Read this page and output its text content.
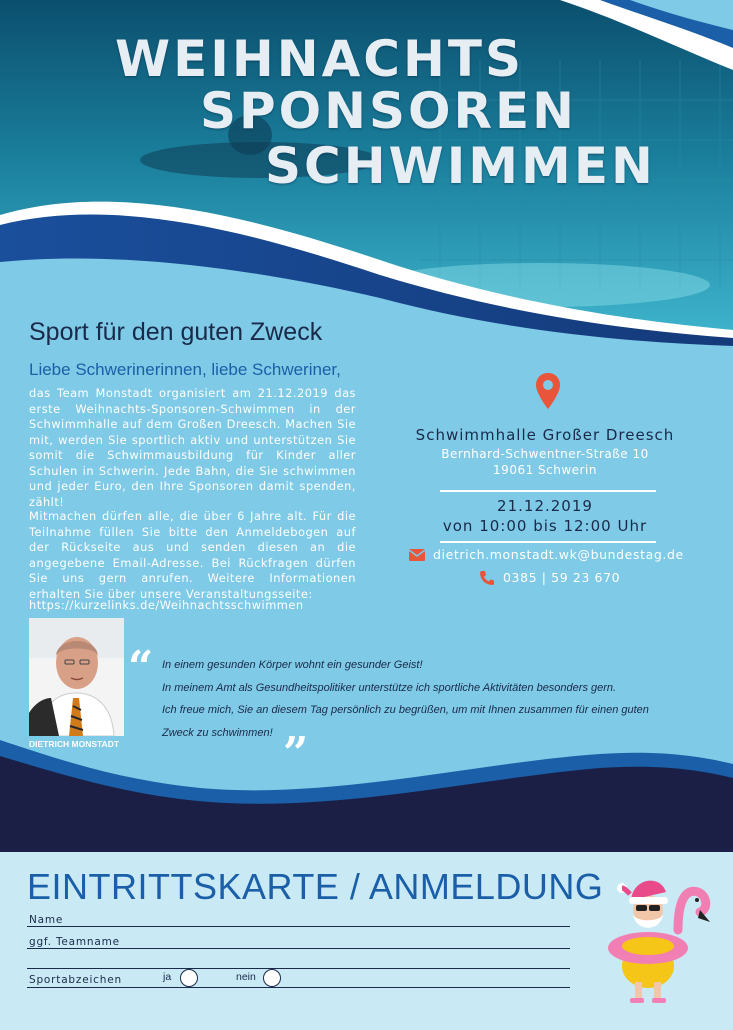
WEIHNACHTS
SPONSOREN
SCHWIMMEN
Sport für den guten Zweck
Liebe Schwerinerinnen, liebe Schweriner,
das Team Monstadt organisiert am 21.12.2019 das erste Weihnachts-Sponsoren-Schwimmen in der Schwimmhalle auf dem Großen Dreesch. Machen Sie mit, werden Sie sportlich aktiv und unterstützen Sie somit die Schwimmausbildung für Kinder aller Schulen in Schwerin. Jede Bahn, die Sie schwimmen und jeder Euro, den Ihre Sponsoren damit spenden, zählt!
Mitmachen dürfen alle, die über 6 Jahre alt. Für die Teilnahme füllen Sie bitte den Anmeldebogen auf der Rückseite aus und senden diesen an die angegebene Email-Adresse. Bei Rückfragen dürfen Sie uns gern anrufen. Weitere Informationen erhalten Sie über unsere Veranstaltungsseite:
https://kurzelinks.de/Weihnachtsschwimmen
Schwimmhalle Großer Dreesch
Bernhard-Schwentner-Straße 10
19061 Schwerin
21.12.2019
von 10:00 bis 12:00 Uhr
dietrich.monstadt.wk@bundestag.de
0385 | 59 23 670
DIETRICH MONSTADT
“ In einem gesunden Körper wohnt ein gesunder Geist!
In meinem Amt als Gesundheitspolitiker unterstütze ich sportliche Aktivitäten besonders gern.
Ich freue mich, Sie an diesem Tag persönlich zu begrüßen, um mit Ihnen zusammen für einen guten
Zweck zu schwimmen! ”
EINTRITTSKARTE / ANMELDUNG
Name
ggf. Teamname
Sportabzeichen	ja	nein
